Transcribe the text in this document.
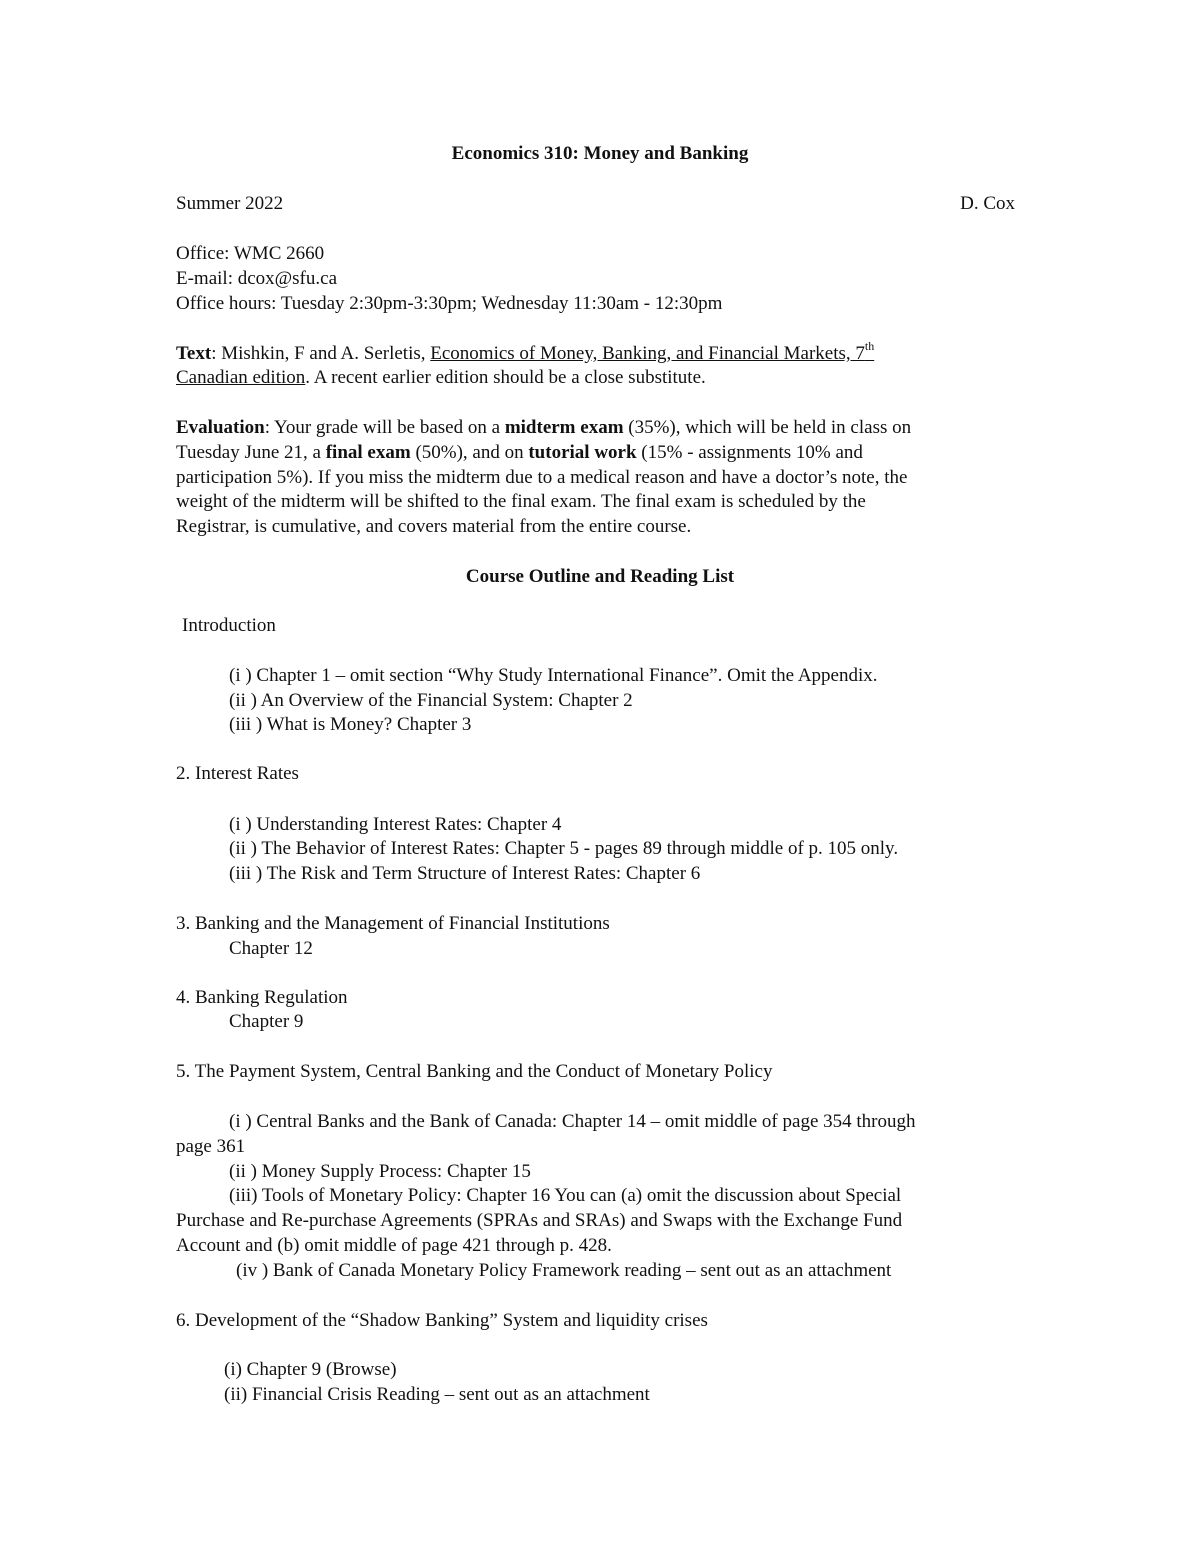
Economics 310: Money and Banking
Summer 2022	D. Cox
Office: WMC 2660
E-mail: dcox@sfu.ca
Office hours: Tuesday 2:30pm-3:30pm; Wednesday 11:30am - 12:30pm
Text: Mishkin, F and A. Serletis, Economics of Money, Banking, and Financial Markets, 7th
Canadian edition. A recent earlier edition should be a close substitute.
Evaluation: Your grade will be based on a midterm exam (35%), which will be held in class on
Tuesday June 21, a final exam (50%), and on tutorial work (15% - assignments 10% and
participation 5%). If you miss the midterm due to a medical reason and have a doctor’s note, the
weight of the midterm will be shifted to the final exam. The final exam is scheduled by the
Registrar, is cumulative, and covers material from the entire course.
Course Outline and Reading List
Introduction
(i ) Chapter 1 – omit section “Why Study International Finance”. Omit the Appendix.
(ii ) An Overview of the Financial System: Chapter 2
(iii ) What is Money? Chapter 3
2. Interest Rates
(i ) Understanding Interest Rates: Chapter 4
(ii ) The Behavior of Interest Rates: Chapter 5 - pages 89 through middle of p. 105 only.
(iii ) The Risk and Term Structure of Interest Rates: Chapter 6
3. Banking and the Management of Financial Institutions
Chapter 12
4. Banking Regulation
Chapter 9
5. The Payment System, Central Banking and the Conduct of Monetary Policy
(i ) Central Banks and the Bank of Canada: Chapter 14 – omit middle of page 354 through
page 361
(ii ) Money Supply Process: Chapter 15
(iii) Tools of Monetary Policy: Chapter 16 You can (a) omit the discussion about Special
Purchase and Re-purchase Agreements (SPRAs and SRAs) and Swaps with the Exchange Fund
Account and (b) omit middle of page 421 through p. 428.
(iv ) Bank of Canada Monetary Policy Framework reading – sent out as an attachment
6. Development of the “Shadow Banking” System and liquidity crises
(i) Chapter 9 (Browse)
(ii) Financial Crisis Reading – sent out as an attachment
